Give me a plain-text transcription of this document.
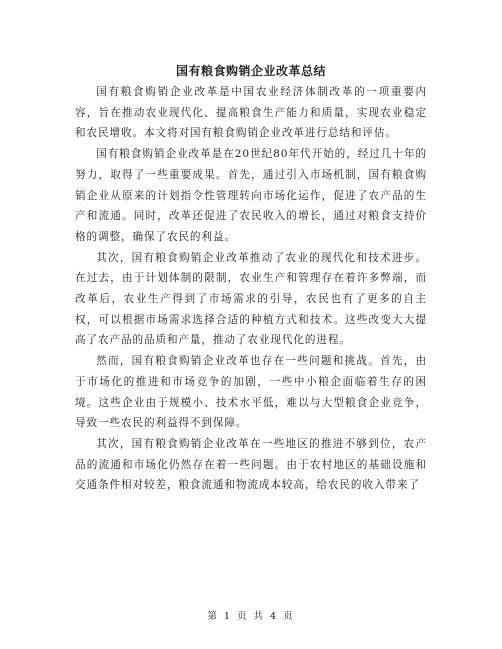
国有粮食购销企业改革总结

国有粮食购销企业改革是中国农业经济体制改革的一项重要内容，旨在推动农业现代化、提高粮食生产能力和质量，实现农业稳定和农民增收。本文将对国有粮食购销企业改革进行总结和评估。

国有粮食购销企业改革是在20世纪80年代开始的，经过几十年的努力，取得了一些重要成果。首先，通过引入市场机制，国有粮食购销企业从原来的计划指令性管理转向市场化运作，促进了农产品的生产和流通。同时，改革还促进了农民收入的增长，通过对粮食支持价格的调整，确保了农民的利益。

其次，国有粮食购销企业改革推动了农业的现代化和技术进步。在过去，由于计划体制的限制，农业生产和管理存在着许多弊端，而改革后，农业生产得到了市场需求的引导，农民也有了更多的自主权，可以根据市场需求选择合适的种植方式和技术。这些改变大大提高了农产品的品质和产量，推动了农业现代化的进程。

然而，国有粮食购销企业改革也存在一些问题和挑战。首先，由于市场化的推进和市场竞争的加剧，一些中小粮企面临着生存的困境。这些企业由于规模小、技术水平低，难以与大型粮食企业竞争，导致一些农民的利益得不到保障。

其次，国有粮食购销企业改革在一些地区的推进不够到位，农产品的流通和市场化仍然存在着一些问题。由于农村地区的基础设施和交通条件相对较差，粮食流通和物流成本较高，给农民的收入带来了

第 1 页 共 4 页
